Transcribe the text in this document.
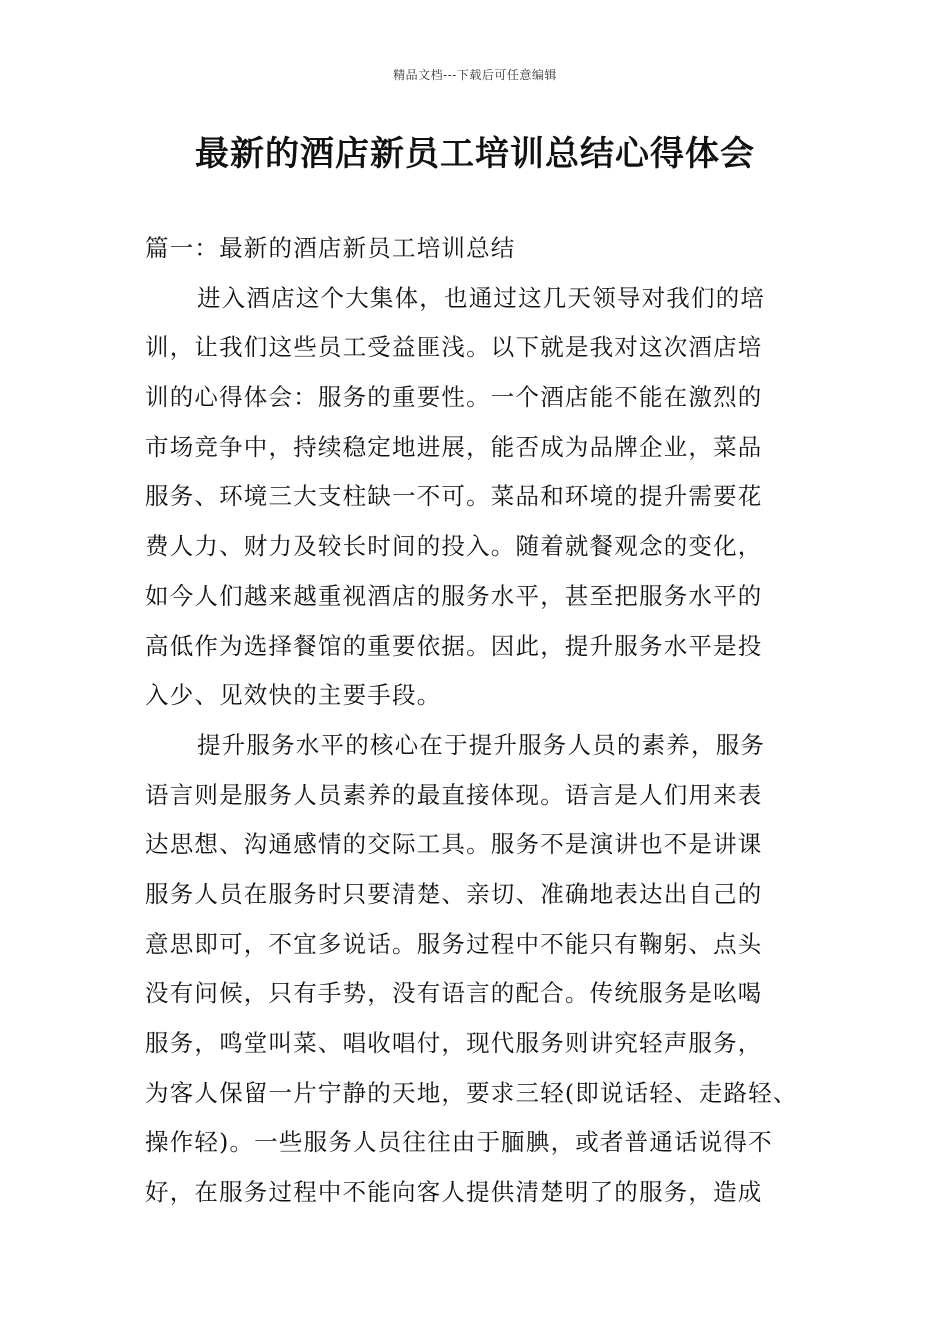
精品文档---下载后可任意编辑
最新的酒店新员工培训总结心得体会
篇一：最新的酒店新员工培训总结
进入酒店这个大集体，也通过这几天领导对我们的培
训，让我们这些员工受益匪浅。以下就是我对这次酒店培
训的心得体会：服务的重要性。一个酒店能不能在激烈的
市场竞争中，持续稳定地进展，能否成为品牌企业，菜品
服务、环境三大支柱缺一不可。菜品和环境的提升需要花
费人力、财力及较长时间的投入。随着就餐观念的变化，
如今人们越来越重视酒店的服务水平，甚至把服务水平的
高低作为选择餐馆的重要依据。因此，提升服务水平是投
入少、见效快的主要手段。
提升服务水平的核心在于提升服务人员的素养，服务
语言则是服务人员素养的最直接体现。语言是人们用来表
达思想、沟通感情的交际工具。服务不是演讲也不是讲课
服务人员在服务时只要清楚、亲切、准确地表达出自己的
意思即可，不宜多说话。服务过程中不能只有鞠躬、点头
没有问候，只有手势，没有语言的配合。传统服务是吆喝
服务，鸣堂叫菜、唱收唱付，现代服务则讲究轻声服务，
为客人保留一片宁静的天地，要求三轻(即说话轻、走路轻、
操作轻)。一些服务人员往往由于腼腆，或者普通话说得不
好，在服务过程中不能向客人提供清楚明了的服务，造成
